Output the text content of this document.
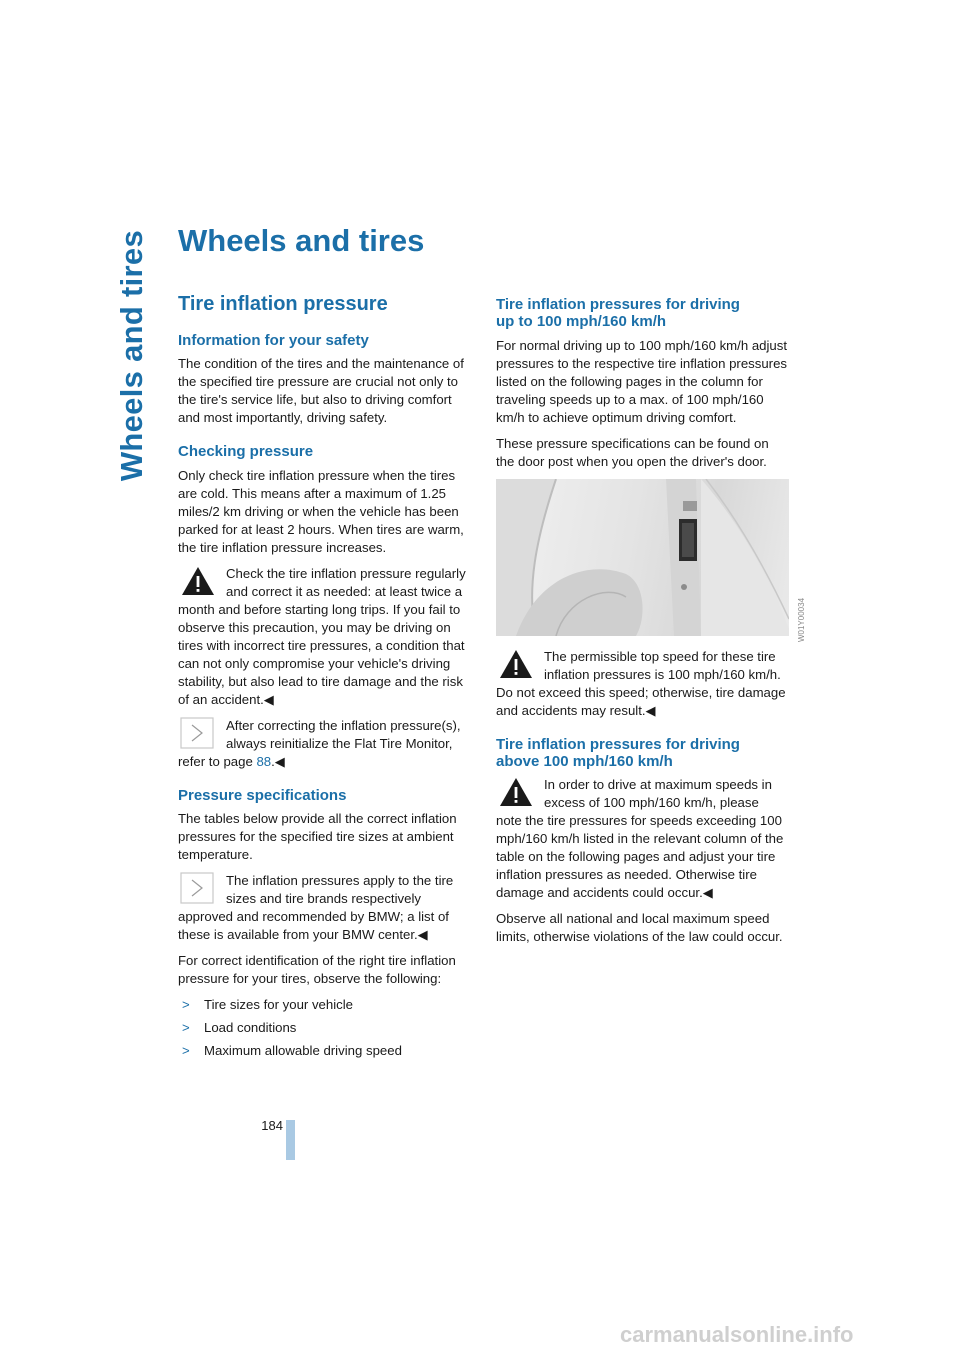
Wheels and tires Wheels and tires
Tire inflation pressure
Information for your safety

The condition of the tires and the maintenance of the specified tire pressure are crucial not only to the tire's service life, but also to driving comfort and most importantly, driving safety.

Checking pressure

Only check tire inflation pressure when the tires are cold. This means after a maximum of 1.25 miles/2 km driving or when the vehicle has been parked for at least 2 hours. When tires are warm, the tire inflation pressure increases.

Check the tire inflation pressure regularly and correct it as needed: at least twice a month and before starting long trips. If you fail to observe this precaution, you may be driving on tires with incorrect tire pressures, a condition that can not only compromise your vehicle's driving stability, but also lead to tire damage and the risk of an accident.◀
After correcting the inflation pressure(s), always reinitialize the Flat Tire Monitor, refer to page 88.◀
Pressure specifications

The tables below provide all the correct inflation pressures for the specified tire sizes at ambient temperature.

The inflation pressures apply to the tire sizes and tire brands respectively approved and recommended by BMW; a list of these is available from your BMW center.◀

For correct identification of the right tire inflation pressure for your tires, observe the following:

> Tire sizes for your vehicle
> Load conditions
> Maximum allowable driving speed
Tire inflation pressures for driving
up to 100 mph/160 km/h

For normal driving up to 100 mph/160 km/h adjust pressures to the respective tire inflation pressures listed on the following pages in the column for traveling speeds up to a max. of 100 mph/160 km/h to achieve optimum driving comfort.

These pressure specifications can be found on the door post when you open the driver's door.

The permissible top speed for these tire inflation pressures is 100 mph/160 km/h. Do not exceed this speed; otherwise, tire damage and accidents may result.◀
Tire inflation pressures for driving
above 100 mph/160 km/h
In order to drive at maximum speeds in excess of 100 mph/160 km/h, please note the tire pressures for speeds exceeding 100 mph/160 km/h listed in the relevant column of the table on the following pages and adjust your tire inflation pressures as needed. Otherwise tire damage and accidents could occur.◀

Observe all national and local maximum speed limits, otherwise violations of the law could occur.

W01Y00034
184
carmanualsonline.info
